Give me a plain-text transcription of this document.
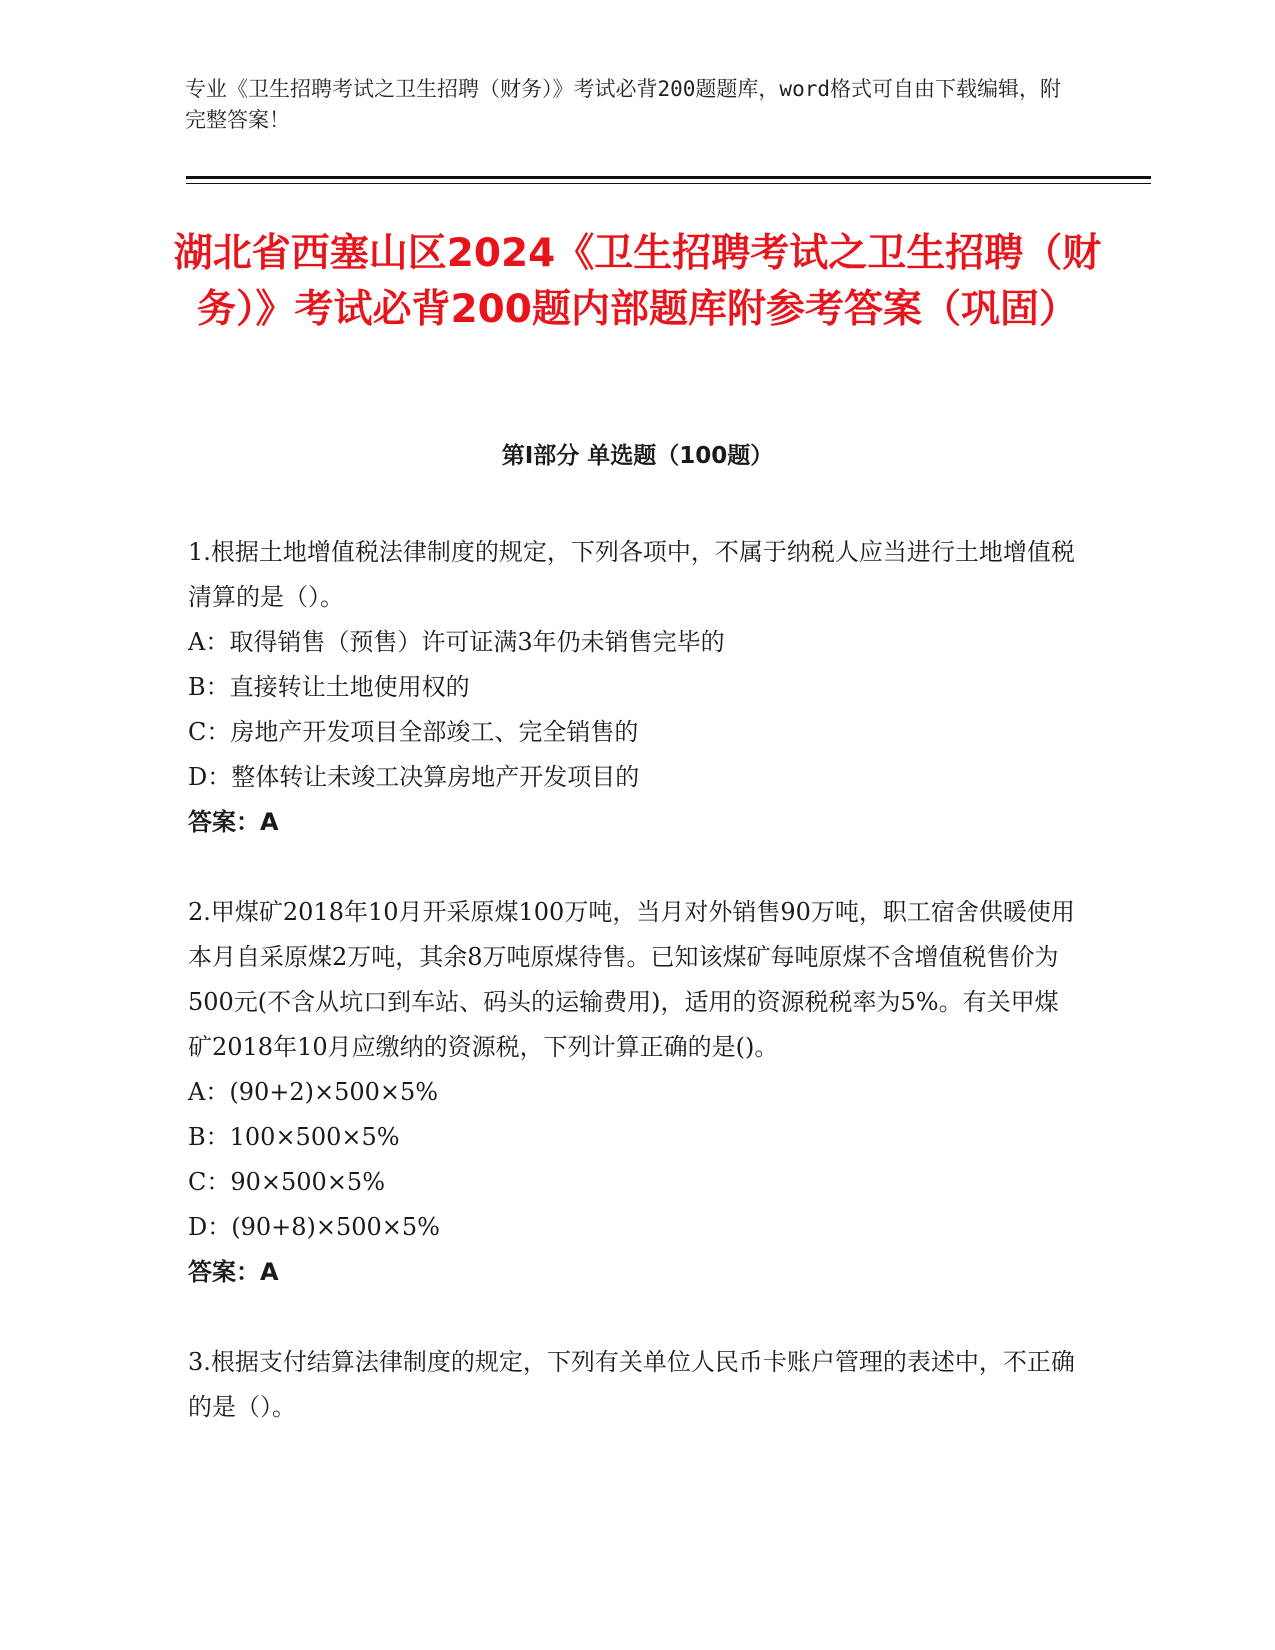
专业《卫生招聘考试之卫生招聘（财务）》考试必背200题题库，word格式可自由下载编辑，附完整答案！
湖北省西塞山区2024《卫生招聘考试之卫生招聘（财务）》考试必背200题内部题库附参考答案（巩固）
第Ⅰ部分 单选题（100题）

1.根据土地增值税法律制度的规定，下列各项中，不属于纳税人应当进行土地增值税清算的是（）。

A：取得销售（预售）许可证满3年仍未销售完毕的

B：直接转让土地使用权的

C：房地产开发项目全部竣工、完全销售的

D：整体转让未竣工决算房地产开发项目的

答案：A

2.甲煤矿2018年10月开采原煤100万吨，当月对外销售90万吨，职工宿舍供暖使用本月自采原煤2万吨，其余8万吨原煤待售。已知该煤矿每吨原煤不含增值税售价为500元(不含从坑口到车站、码头的运输费用)，适用的资源税税率为5%。有关甲煤矿2018年10月应缴纳的资源税，下列计算正确的是()。

A：(90+2)×500×5%

B：100×500×5%

C：90×500×5%

D：(90+8)×500×5%

答案：A

3.根据支付结算法律制度的规定，下列有关单位人民币卡账户管理的表述中，不正确的是（）。
